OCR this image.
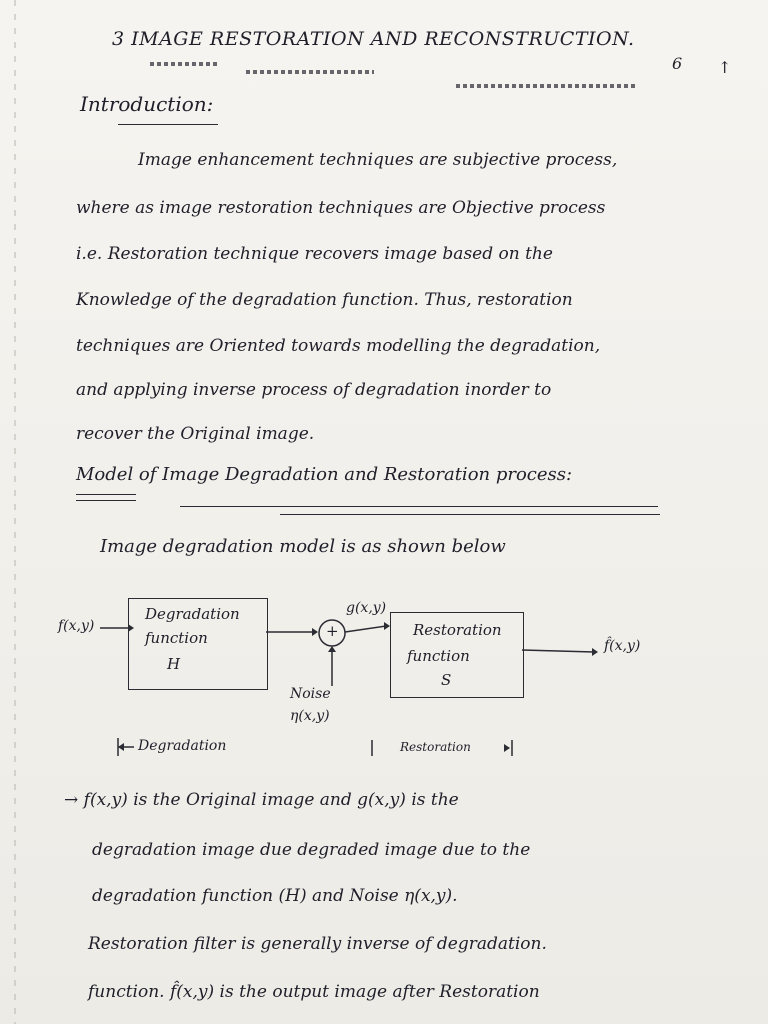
3 IMAGE RESTORATION AND RECONSTRUCTION.
6 ↑
Introduction:
Image enhancement techniques are subjective process,
where as image restoration techniques are Objective process
i.e. Restoration technique recovers image based on the
Knowledge of the degradation function. Thus, restoration
techniques are Oriented towards modelling the degradation,
and applying inverse process of degradation inorder to
recover the Original image.
Model of Image Degradation and Restoration process:
Image degradation model is as shown below
f(x,y)
Degradation
function
H
+
g(x,y)
Restoration
function
S
f̂(x,y)
Noise
η(x,y)
Degradation	Restoration
→ f(x,y) is the Original image and g(x,y) is the
degradation image due degraded image due to the
degradation function (H) and Noise η(x,y).
Restoration filter is generally inverse of degradation.
function. f̂(x,y) is the output image after Restoration
